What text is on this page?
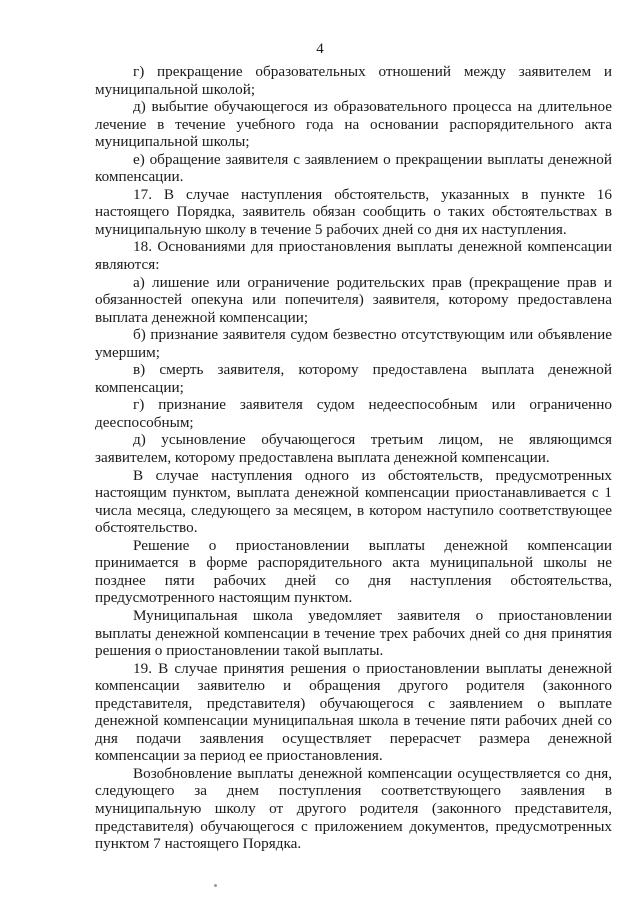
4

г) прекращение образовательных отношений между заявителем и муниципальной школой;

д) выбытие обучающегося из образовательного процесса на длительное лечение в течение учебного года на основании распорядительного акта муниципальной школы;

е) обращение заявителя с заявлением о прекращении выплаты денежной компенсации.

17. В случае наступления обстоятельств, указанных в пункте 16 настоящего Порядка, заявитель обязан сообщить о таких обстоятельствах в муниципальную школу в течение 5 рабочих дней со дня их наступления.

18. Основаниями для приостановления выплаты денежной компенсации являются:

а) лишение или ограничение родительских прав (прекращение прав и обязанностей опекуна или попечителя) заявителя, которому предоставлена выплата денежной компенсации;

б) признание заявителя судом безвестно отсутствующим или объявление умершим;

в) смерть заявителя, которому предоставлена выплата денежной компенсации;

г) признание заявителя судом недееспособным или ограниченно дееспособным;

д) усыновление обучающегося третьим лицом, не являющимся заявителем, которому предоставлена выплата денежной компенсации.

В случае наступления одного из обстоятельств, предусмотренных настоящим пунктом, выплата денежной компенсации приостанавливается с 1 числа месяца, следующего за месяцем, в котором наступило соответствующее обстоятельство.

Решение о приостановлении выплаты денежной компенсации принимается в форме распорядительного акта муниципальной школы не позднее пяти рабочих дней со дня наступления обстоятельства, предусмотренного настоящим пунктом.

Муниципальная школа уведомляет заявителя о приостановлении выплаты денежной компенсации в течение трех рабочих дней со дня принятия решения о приостановлении такой выплаты.

19. В случае принятия решения о приостановлении выплаты денежной компенсации заявителю и обращения другого родителя (законного представителя, представителя) обучающегося с заявлением о выплате денежной компенсации муниципальная школа в течение пяти рабочих дней со дня подачи заявления осуществляет перерасчет размера денежной компенсации за период ее приостановления.

Возобновление выплаты денежной компенсации осуществляется со дня, следующего за днем поступления соответствующего заявления в муниципальную школу от другого родителя (законного представителя, представителя) обучающегося с приложением документов, предусмотренных пунктом 7 настоящего Порядка.
